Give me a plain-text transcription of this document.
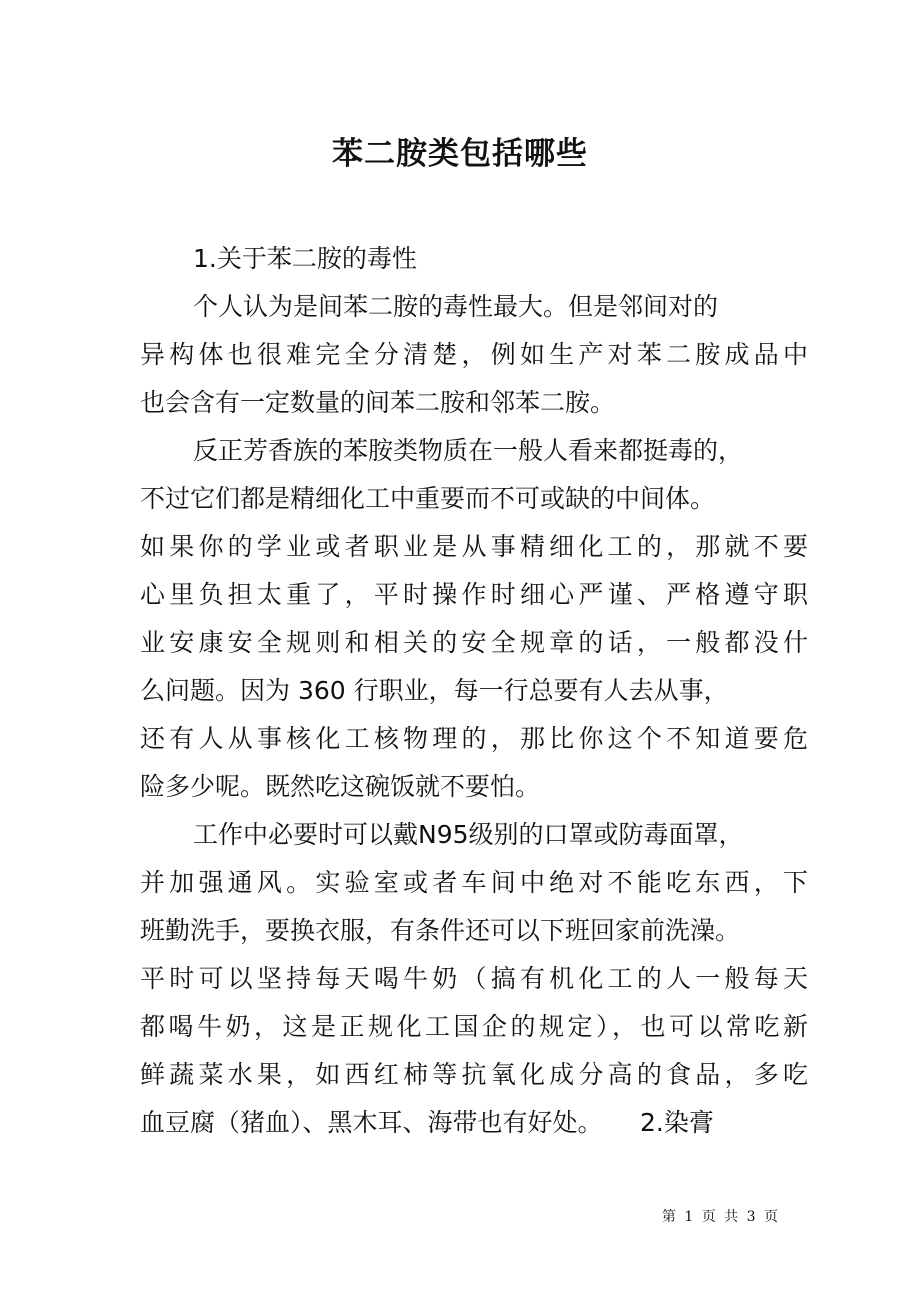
苯二胺类包括哪些
1.关于苯二胺的毒性
个人认为是间苯二胺的毒性最大。但是邻间对的
异构体也很难完全分清楚，例如生产对苯二胺成品中
也会含有一定数量的间苯二胺和邻苯二胺。
反正芳香族的苯胺类物质在一般人看来都挺毒的，
不过它们都是精细化工中重要而不可或缺的中间体。
如果你的学业或者职业是从事精细化工的，那就不要
心里负担太重了，平时操作时细心严谨、严格遵守职
业安康安全规则和相关的安全规章的话，一般都没什
么问题。因为 360 行职业，每一行总要有人去从事，
还有人从事核化工核物理的，那比你这个不知道要危
险多少呢。既然吃这碗饭就不要怕。
工作中必要时可以戴N95级别的口罩或防毒面罩，
并加强通风。实验室或者车间中绝对不能吃东西，下
班勤洗手，要换衣服，有条件还可以下班回家前洗澡。
平时可以坚持每天喝牛奶（搞有机化工的人一般每天
都喝牛奶，这是正规化工国企的规定），也可以常吃新
鲜蔬菜水果，如西红柿等抗氧化成分高的食品，多吃
血豆腐（猪血）、黑木耳、海带也有好处。　　2.染膏
第 1 页 共 3 页
